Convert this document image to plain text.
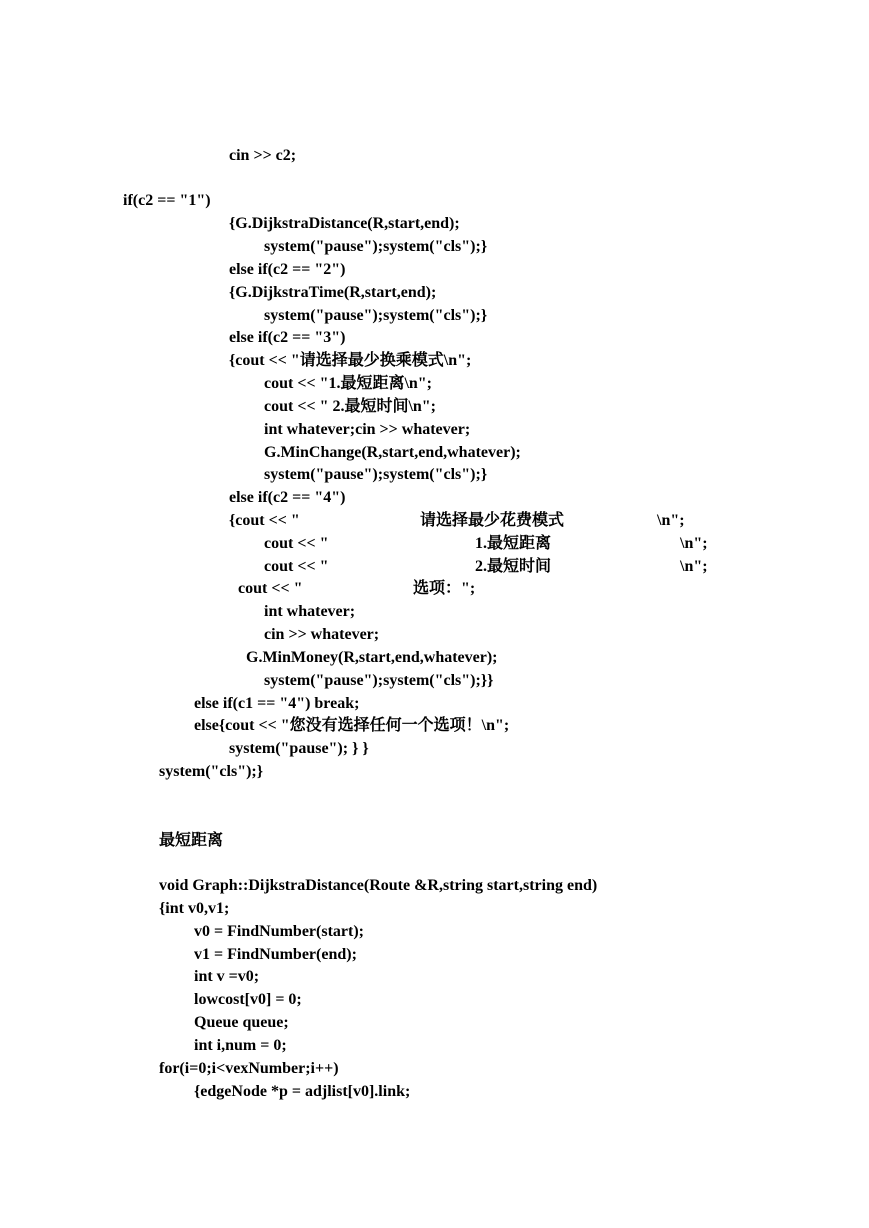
cin >> c2;
if(c2 == "1")
{G.DijkstraDistance(R,start,end);
system("pause");system("cls");}
else if(c2 == "2")
{G.DijkstraTime(R,start,end);
system("pause");system("cls");}
else if(c2 == "3")
{cout << "请选择最少换乘模式\n";
cout << "1.最短距离\n";
cout << " 2.最短时间\n";
int whatever;cin >> whatever;
G.MinChange(R,start,end,whatever);
system("pause");system("cls");}
else if(c2 == "4")
{cout << "	请选择最少花费模式	\n";
cout << "	1.最短距离	\n";
cout << "	2.最短时间	\n";
cout << "	选项：";
int whatever;
cin >> whatever;
G.MinMoney(R,start,end,whatever);
system("pause");system("cls");}}
else if(c1 == "4") break;
else{cout << "您没有选择任何一个选项！\n";
system("pause"); } }
system("cls");}
最短距离
void Graph::DijkstraDistance(Route &R,string start,string end)
{int v0,v1;
v0 = FindNumber(start);
v1 = FindNumber(end);
int v =v0;
lowcost[v0] = 0;
Queue queue;
int i,num = 0;
for(i=0;i<vexNumber;i++)
{edgeNode *p = adjlist[v0].link;
